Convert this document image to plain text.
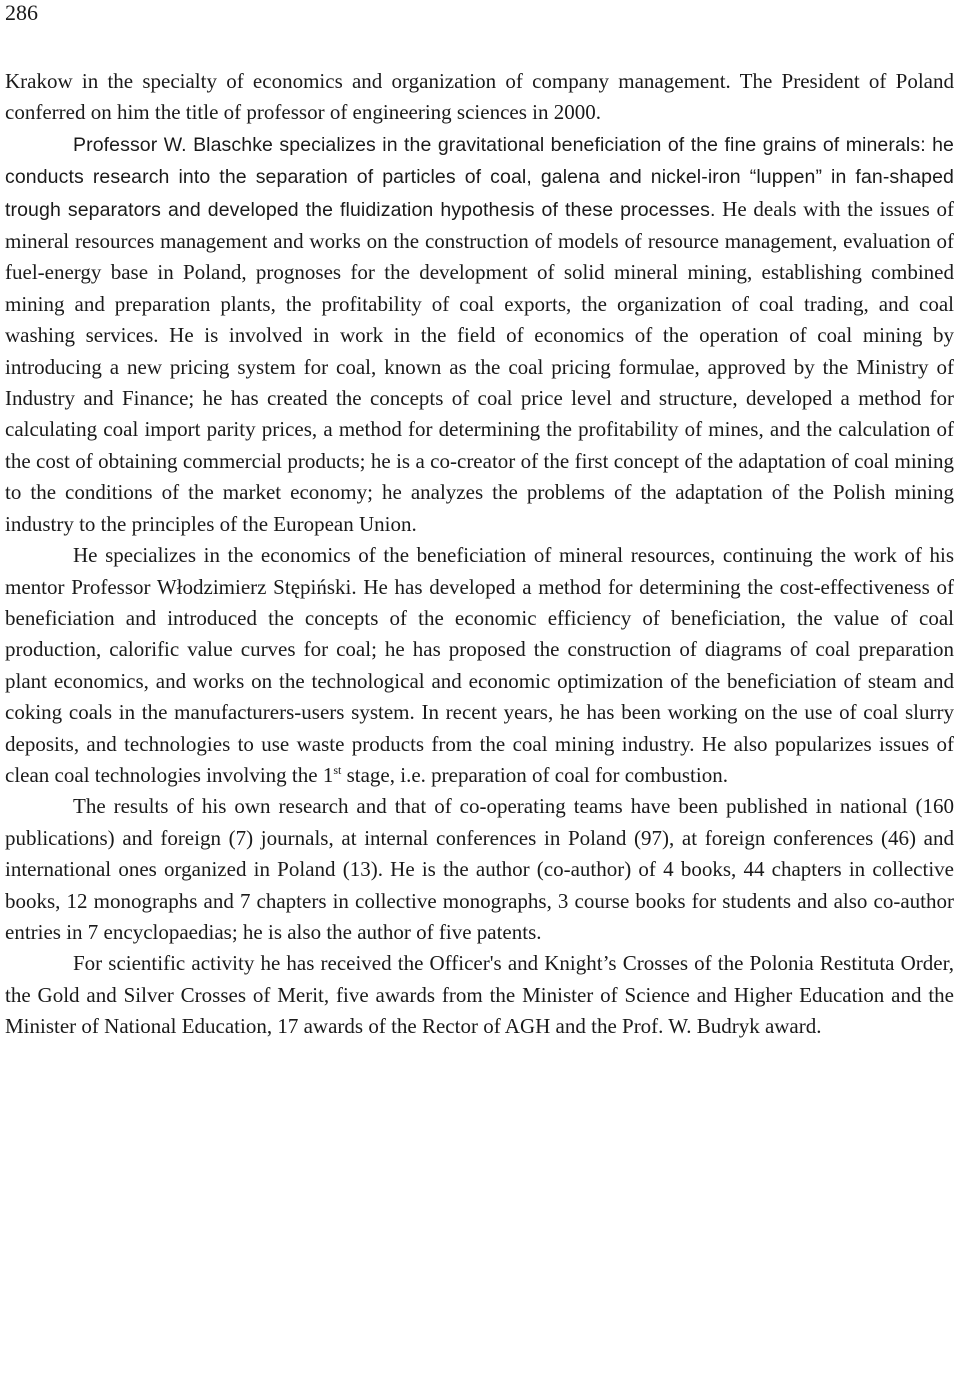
286

Krakow in the specialty of economics and organization of company management. The President of Poland conferred on him the title of professor of engineering sciences in 2000.

Professor W. Blaschke specializes in the gravitational beneficiation of the fine grains of minerals: he conducts research into the separation of particles of coal, galena and nickel-iron “luppen” in fan-shaped trough separators and developed the fluidization hypothesis of these processes. He deals with the issues of mineral resources management and works on the construction of models of resource management, evaluation of fuel-energy base in Poland, prognoses for the development of solid mineral mining, establishing combined mining and preparation plants, the profitability of coal exports, the organization of coal trading, and coal washing services. He is involved in work in the field of economics of the operation of coal mining by introducing a new pricing system for coal, known as the coal pricing formulae, approved by the Ministry of Industry and Finance; he has created the concepts of coal price level and structure, developed a method for calculating coal import parity prices, a method for determining the profitability of mines, and the calculation of the cost of obtaining commercial products; he is a co-creator of the first concept of the adaptation of coal mining to the conditions of the market economy; he analyzes the problems of the adaptation of the Polish mining industry to the principles of the European Union.

He specializes in the economics of the beneficiation of mineral resources, continuing the work of his mentor Professor Włodzimierz Stępiński. He has developed a method for determining the cost-effectiveness of beneficiation and introduced the concepts of the economic efficiency of beneficiation, the value of coal production, calorific value curves for coal; he has proposed the construction of diagrams of coal preparation plant economics, and works on the technological and economic optimization of the beneficiation of steam and coking coals in the manufacturers-users system. In recent years, he has been working on the use of coal slurry deposits, and technologies to use waste products from the coal mining industry. He also popularizes issues of clean coal technologies involving the 1st stage, i.e. preparation of coal for combustion.

The results of his own research and that of co-operating teams have been published in national (160 publications) and foreign (7) journals, at internal conferences in Poland (97), at foreign conferences (46) and international ones organized in Poland (13). He is the author (co-author) of 4 books, 44 chapters in collective books, 12 monographs and 7 chapters in collective monographs, 3 course books for students and also co-author entries in 7 encyclopaedias; he is also the author of five patents.

For scientific activity he has received the Officer's and Knight’s Crosses of the Polonia Restituta Order, the Gold and Silver Crosses of Merit, five awards from the Minister of Science and Higher Education and the Minister of National Education, 17 awards of the Rector of AGH and the Prof. W. Budryk award.
